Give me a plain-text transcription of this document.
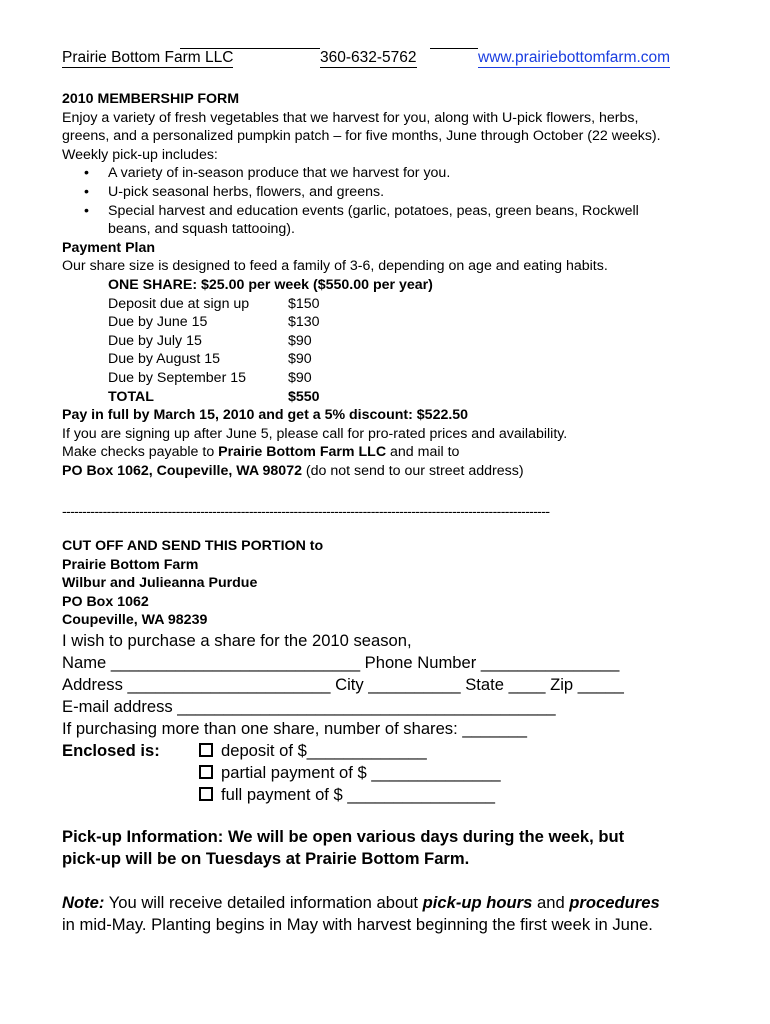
Prairie Bottom Farm LLC	360-632-5762	www.prairiebottomfarm.com

2010 MEMBERSHIP FORM

Enjoy a variety of fresh vegetables that we harvest for you, along with U-pick flowers, herbs,

greens, and a personalized pumpkin patch – for five months, June through October (22 weeks).

Weekly pick-up includes:

• A variety of in-season produce that we harvest for you.
• U-pick seasonal herbs, flowers, and greens.
• Special harvest and education events (garlic, potatoes, peas, green beans, Rockwell
beans, and squash tattooing).

Payment Plan

Our share size is designed to feed a family of 3-6, depending on age and eating habits.

ONE SHARE: $25.00 per week ($550.00 per year)

Deposit due at sign up	$150
Due by June 15	$130
Due by July 15	$90
Due by August 15	$90
Due by September 15	$90
TOTAL	$550

Pay in full by March 15, 2010 and get a 5% discount: $522.50

If you are signing up after June 5, please call for pro-rated prices and availability.

Make checks payable to Prairie Bottom Farm LLC and mail to

PO Box 1062, Coupeville, WA 98072 (do not send to our street address)

------------------------------------------------------------------------------------------------------------------------

CUT OFF AND SEND THIS PORTION to

Prairie Bottom Farm

Wilbur and Julieanna Purdue

PO Box 1062

Coupeville, WA 98239

I wish to purchase a share for the 2010 season,

Name ___________________________ Phone Number _______________

Address ______________________ City __________ State ____ Zip _____

E-mail address _________________________________________

If purchasing more than one share, number of shares: _______

Enclosed is:	deposit of $_____________
partial payment of $ ______________
full payment of $ ________________

Pick-up Information: We will be open various days during the week, but

pick-up will be on Tuesdays at Prairie Bottom Farm.

Note: You will receive detailed information about pick-up hours and procedures

in mid-May. Planting begins in May with harvest beginning the first week in June.
